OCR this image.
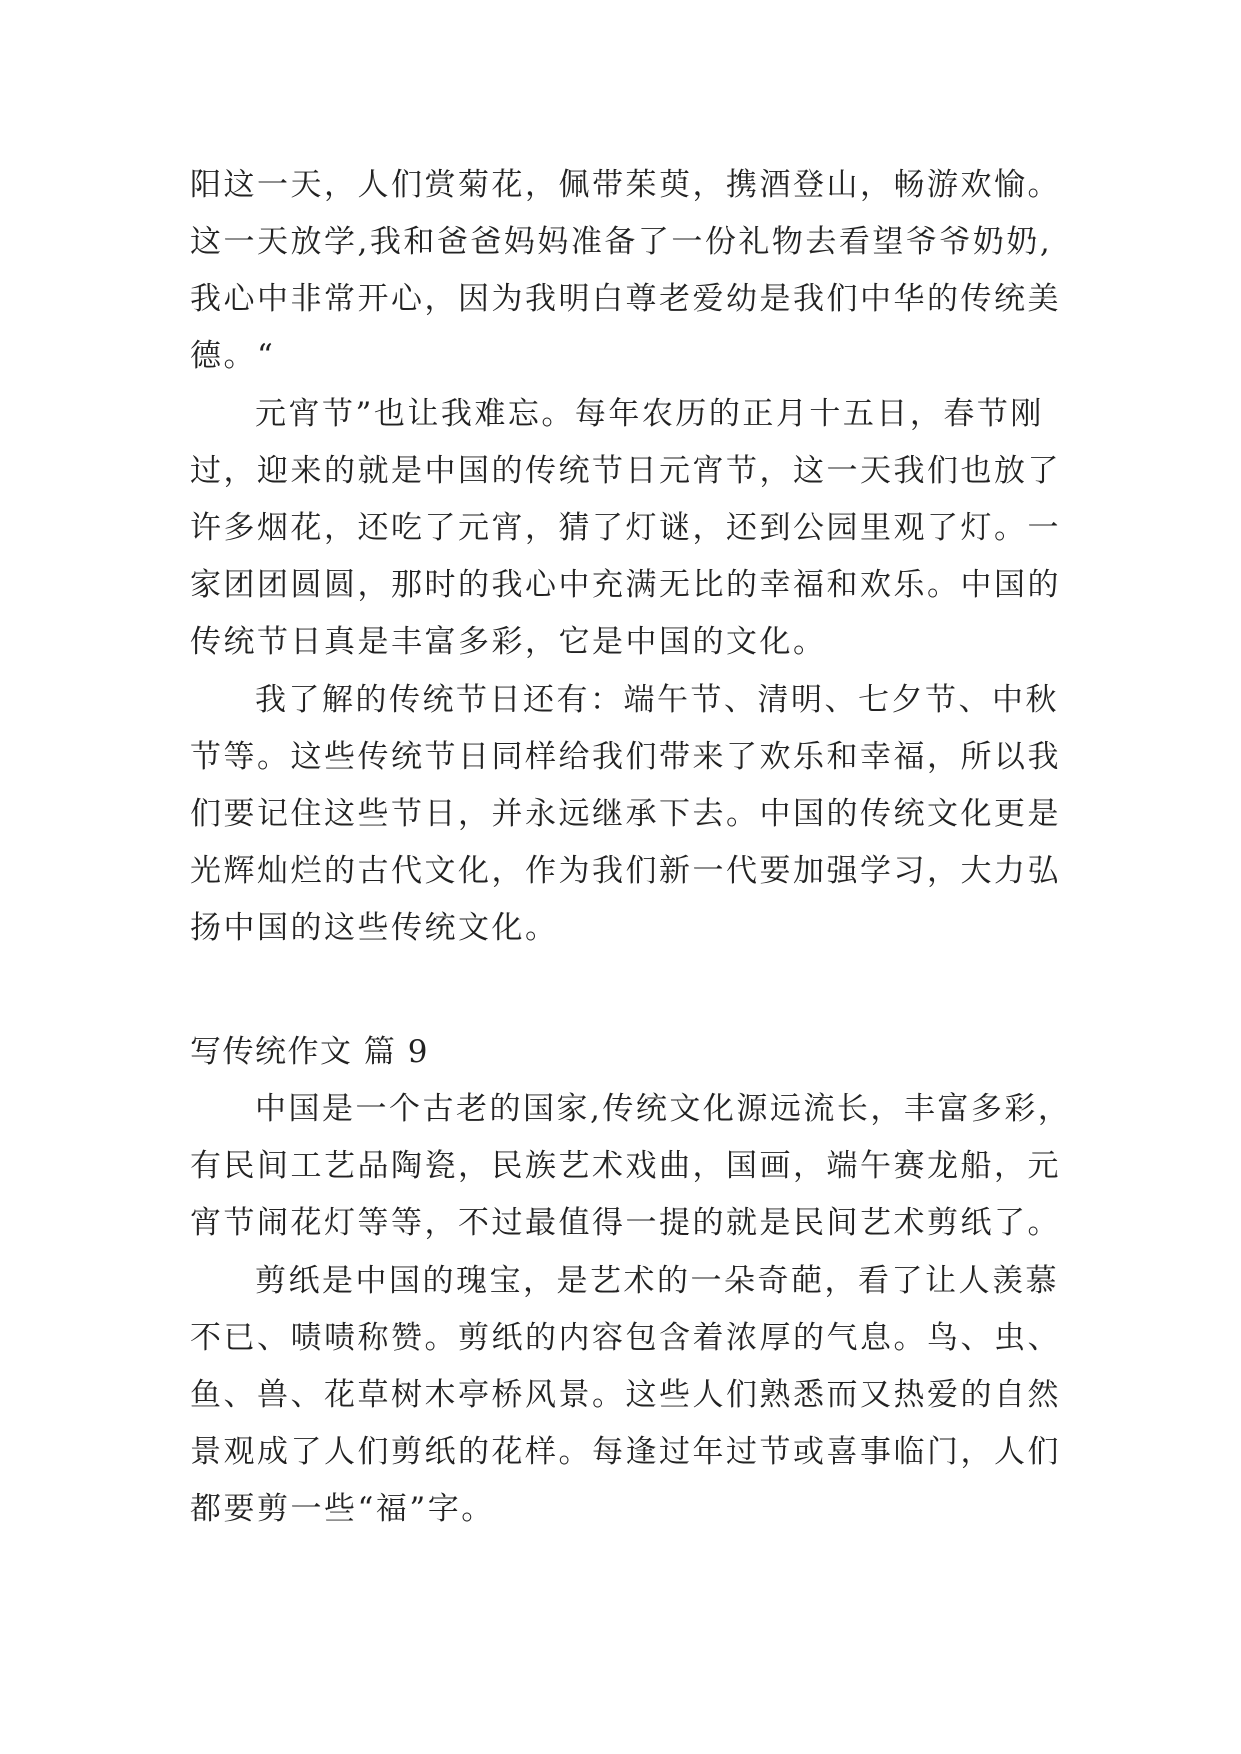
阳这一天，人们赏菊花，佩带茱萸，携酒登山，畅游欢愉。
这一天放学,我和爸爸妈妈准备了一份礼物去看望爷爷奶奶,
我心中非常开心，因为我明白尊老爱幼是我们中华的传统美
德。“
元宵节”也让我难忘。每年农历的正月十五日，春节刚
过，迎来的就是中国的传统节日元宵节，这一天我们也放了
许多烟花，还吃了元宵，猜了灯谜，还到公园里观了灯。一
家团团圆圆，那时的我心中充满无比的幸福和欢乐。中国的
传统节日真是丰富多彩，它是中国的文化。
我了解的传统节日还有：端午节、清明、七夕节、中秋
节等。这些传统节日同样给我们带来了欢乐和幸福，所以我
们要记住这些节日，并永远继承下去。中国的传统文化更是
光辉灿烂的古代文化，作为我们新一代要加强学习，大力弘
扬中国的这些传统文化。
写传统作文 篇 9
中国是一个古老的国家,传统文化源远流长，丰富多彩，
有民间工艺品陶瓷，民族艺术戏曲，国画，端午赛龙船，元
宵节闹花灯等等，不过最值得一提的就是民间艺术剪纸了。
剪纸是中国的瑰宝，是艺术的一朵奇葩，看了让人羡慕
不已、啧啧称赞。剪纸的内容包含着浓厚的气息。鸟、虫、
鱼、兽、花草树木亭桥风景。这些人们熟悉而又热爱的自然
景观成了人们剪纸的花样。每逢过年过节或喜事临门，人们
都要剪一些“福”字。
